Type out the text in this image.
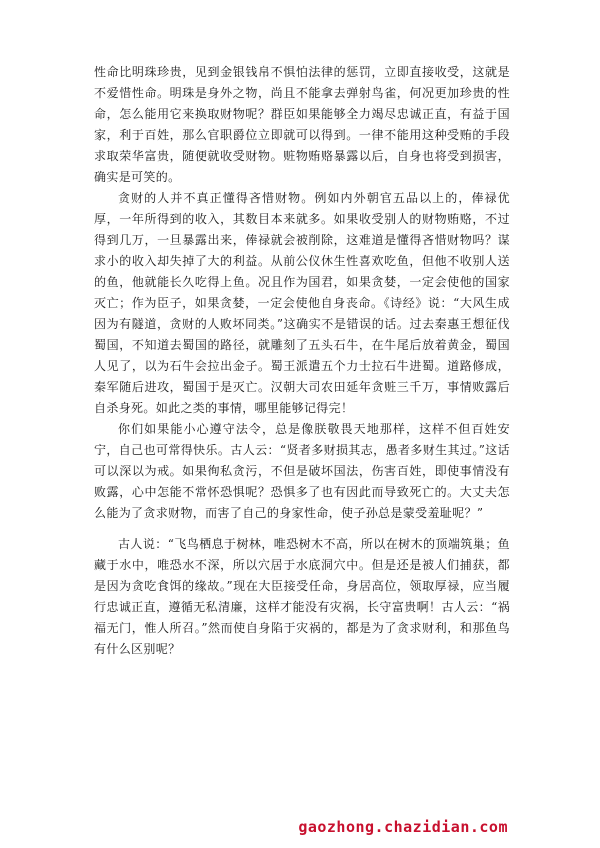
性命比明珠珍贵，见到金银钱帛不惧怕法律的惩罚，立即直接收受，这就是不爱惜性命。明珠是身外之物，尚且不能拿去弹射鸟雀，何况更加珍贵的性命，怎么能用它来换取财物呢？群臣如果能够全力竭尽忠诚正直，有益于国家，利于百姓，那么官职爵位立即就可以得到。一律不能用这种受贿的手段求取荣华富贵，随便就收受财物。赃物贿赂暴露以后，自身也将受到损害，确实是可笑的。

贪财的人并不真正懂得吝惜财物。例如内外朝官五品以上的，俸禄优厚，一年所得到的收入，其数目本来就多。如果收受别人的财物贿赂，不过得到几万，一旦暴露出来，俸禄就会被削除，这难道是懂得吝惜财物吗？谋求小的收入却失掉了大的利益。从前公仪休生性喜欢吃鱼，但他不收别人送的鱼，他就能长久吃得上鱼。况且作为国君，如果贪婪，一定会使他的国家灭亡；作为臣子，如果贪婪，一定会使他自身丧命。《诗经》说：“大风生成因为有隧道，贪财的人败坏同类。”这确实不是错误的话。过去秦惠王想征伐蜀国，不知道去蜀国的路径，就雕刻了五头石牛，在牛尾后放着黄金，蜀国人见了，以为石牛会拉出金子。蜀王派遣五个力士拉石牛进蜀。道路修成，秦军随后进攻，蜀国于是灭亡。汉朝大司农田延年贪赃三千万，事情败露后自杀身死。如此之类的事情，哪里能够记得完！

你们如果能小心遵守法令，总是像朕敬畏天地那样，这样不但百姓安宁，自己也可常得快乐。古人云：“贤者多财损其志，愚者多财生其过。”这话可以深以为戒。如果徇私贪污，不但是破坏国法，伤害百姓，即使事情没有败露，心中怎能不常怀恐惧呢？恐惧多了也有因此而导致死亡的。大丈夫怎么能为了贪求财物，而害了自己的身家性命，使子孙总是蒙受羞耻呢？”

古人说：“飞鸟栖息于树林，唯恐树木不高，所以在树木的顶端筑巢；鱼藏于水中，唯恐水不深，所以穴居于水底洞穴中。但是还是被人们捕获，都是因为贪吃食饵的缘故。”现在大臣接受任命，身居高位，领取厚禄，应当履行忠诚正直，遵循无私清廉，这样才能没有灾祸，长守富贵啊！古人云：“祸福无门，惟人所召。”然而使自身陷于灾祸的，都是为了贪求财利，和那鱼鸟有什么区别呢？

gaozhong.chazidian.com
